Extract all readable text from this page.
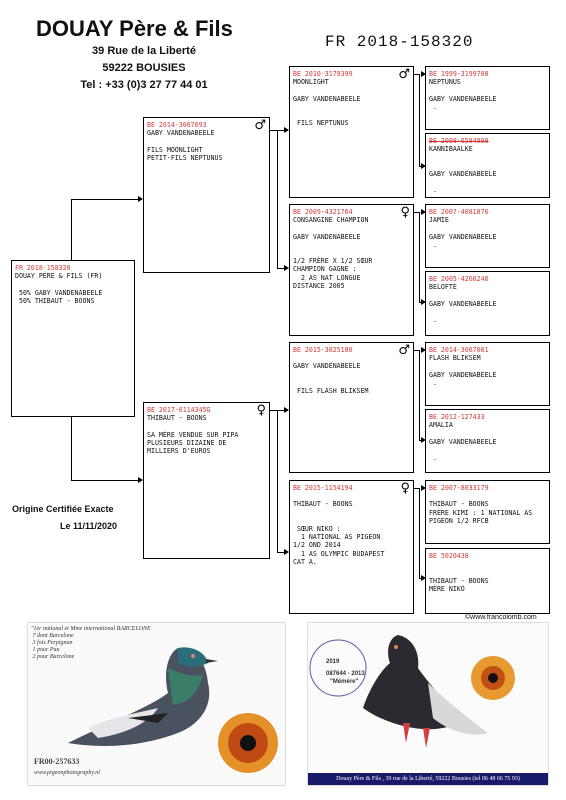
DOUAY Père & Fils
39 Rue de la Liberté
59222 BOUSIES
Tel : +33 (0)3 27 77 44 01
FR 2018-158320
FR 2018-158320
DOUAY PÈRE & FILS (FR)

50% GABY VANDENABEELE
50% THIBAUT - BOONS
♂
BE 2014-3067093
GABY VANDENABEELE

FILS MOONLIGHT
PETIT-FILS NEPTUNUS
♀
BE 2017-6114345G
THIBAUT - BOONS

SA MÈRE VENDUE SUR PIPA
PLUSIEURS DIZAINE DE
MILLIERS D'EUROS
♂
BE 2010-3179399
MOONLIGHT

GABY VANDENABEELE

FILS NEPTUNUS
♀
BE 2009-4321764
CONSANGINE CHAMPION

GABY VANDENABEELE

1/2 FRÈRE X 1/2 SŒUR
CHAMPION GAGNE :
2 AS NAT LONGUE
DISTANCE 2005
♂
BE 2015-3025180

GABY VANDENABEELE

FILS FLASH BLIKSEM
♀
BE 2015-1154194

THIBAUT - BOONS

SŒUR NIKO :
1 NATIONAL AS PIGEON
1/2 OND 2014
1 AS OLYMPIC BUDAPEST
CAT A.
BE 1999-3199708
NEPTUNUS

GABY VANDENABEELE
.
BE 2008-6584998
KANNIBAALKE

GABY VANDENABEELE

.
BE 2007-4081876
JAMIE

GABY VANDENABEELE
.
BE 2005-4260240
BELOFTE

GABY VANDENABEELE

.
BE 2014-3067001
FLASH BLIKSEM

GABY VANDENABEELE
.
BE 2012-127433
AMALIA

GABY VANDENABEELE

.
BE 2007-8033179

THIBAUT - BOONS
FRÈRE KIMI : 1 NATIONAL AS
PIGEON 1/2 RFCB
BE 5020438

THIBAUT - BOONS
MÈRE NIKO
Origine Certifiée Exacte
Le 11/11/2020
©www.francolomb.com
"1er national et Mme international BARCELONE
7 dont Barcelone
3 fois Perpignan
1 pour Pau
2 pour Barcelone
FR00-257633
www.pigeonphotography.nl
2019
087644 - 2013
"Mémère"
Douay Père & Fils , 39 rue de la Liberté, 59222 Bousies (tel 06 48 66 75 93)
